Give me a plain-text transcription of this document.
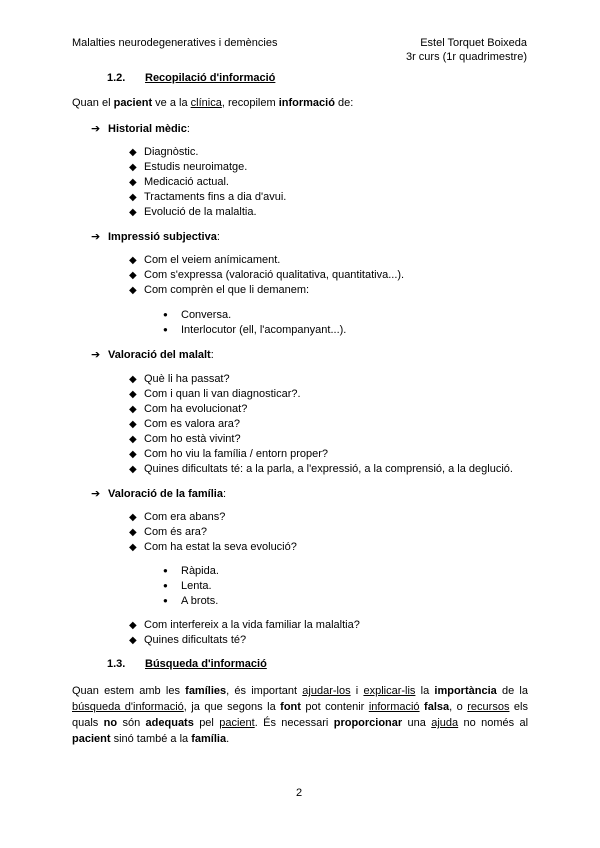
Malalties neurodegeneratives i demències	Estel Torquet Boixeda
3r curs (1r quadrimestre)
1.2. Recopilació d'informació
Quan el pacient ve a la clínica, recopilem informació de:
➔ Historial mèdic:
◆ Diagnòstic.
◆ Estudis neuroimatge.
◆ Medicació actual.
◆ Tractaments fins a dia d'avui.
◆ Evolució de la malaltia.
➔ Impressió subjectiva:
◆ Com el veiem anímicament.
◆ Com s'expressa (valoració qualitativa, quantitativa...).
◆ Com comprèn el que li demanem:
● Conversa.
● Interlocutor (ell, l'acompanyant...).
➔ Valoració del malalt:
◆ Què li ha passat?
◆ Com i quan li van diagnosticar?.
◆ Com ha evolucionat?
◆ Com es valora ara?
◆ Com ho està vivint?
◆ Com ho viu la família / entorn proper?
◆ Quines dificultats té: a la parla, a l'expressió, a la comprensió, a la deglució.
➔ Valoració de la família:
◆ Com era abans?
◆ Com és ara?
◆ Com ha estat la seva evolució?
● Ràpida.
● Lenta.
● A brots.
◆ Com interfereix a la vida familiar la malaltia?
◆ Quines dificultats té?
1.3. Búsqueda d'informació
Quan estem amb les famílies, és important ajudar-los i explicar-lis la importància de la búsqueda d'informació, ja que segons la font pot contenir informació falsa, o recursos els quals no són adequats pel pacient. És necessari proporcionar una ajuda no només al pacient sinó també a la família.
2
